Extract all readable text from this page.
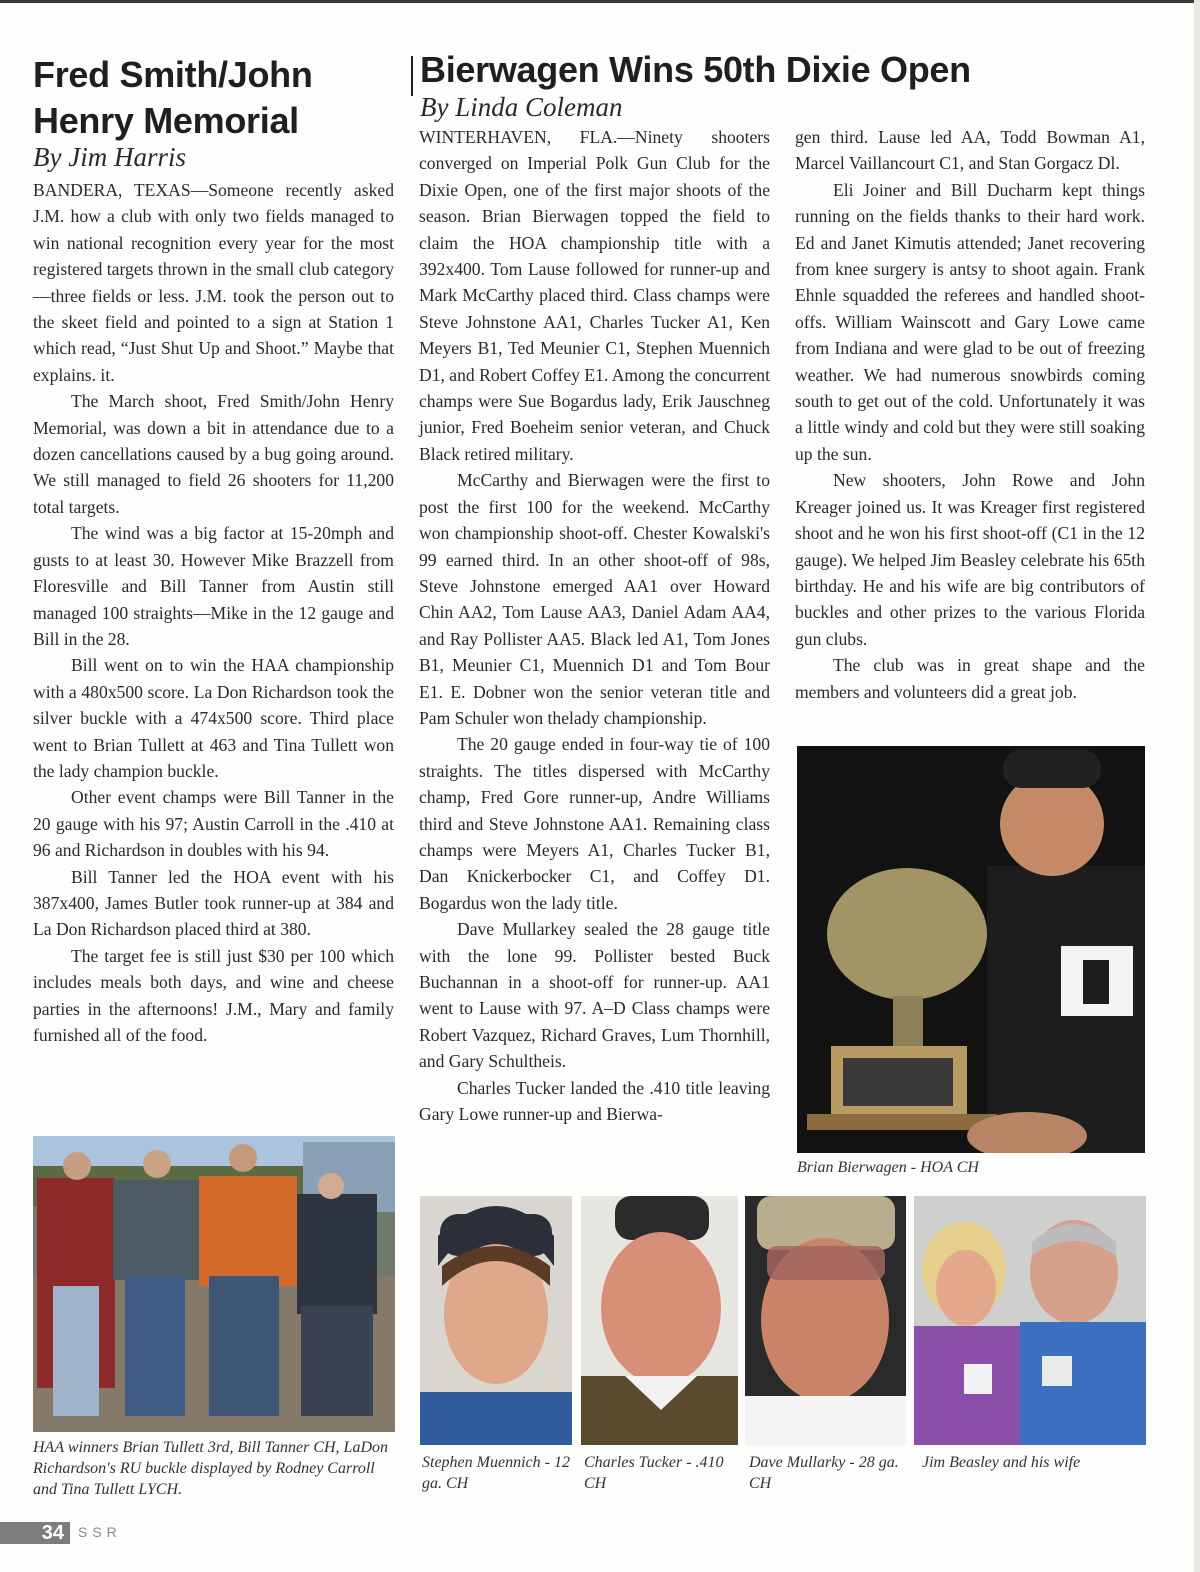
Fred Smith/John Henry Memorial

By Jim Harris

BANDERA, TEXAS—Someone recently asked J.M. how a club with only two fields managed to win national recognition every year for the most registered targets thrown in the small club category—three fields or less. J.M. took the person out to the skeet field and pointed to a sign at Station 1 which read, “Just Shut Up and Shoot.” Maybe that explains. it.

The March shoot, Fred Smith/John Henry Memorial, was down a bit in attendance due to a dozen cancellations caused by a bug going around. We still managed to field 26 shooters for 11,200 total targets.

The wind was a big factor at 15-20mph and gusts to at least 30. However Mike Brazzell from Floresville and Bill Tanner from Austin still managed 100 straights—Mike in the 12 gauge and Bill in the 28.

Bill went on to win the HAA championship with a 480x500 score. La Don Richardson took the silver buckle with a 474x500 score. Third place went to Brian Tullett at 463 and Tina Tullett won the lady champion buckle.

Other event champs were Bill Tanner in the 20 gauge with his 97; Austin Carroll in the .410 at 96 and Richardson in doubles with his 94.

Bill Tanner led the HOA event with his 387x400, James Butler took runner-up at 384 and La Don Richardson placed third at 380.

The target fee is still just $30 per 100 which includes meals both days, and wine and cheese parties in the afternoons! J.M., Mary and family furnished all of the food.

HAA winners Brian Tullett 3rd, Bill Tanner CH, LaDon Richardson's RU buckle displayed by Rodney Carroll and Tina Tullett LYCH.

Bierwagen Wins 50th Dixie Open

By Linda Coleman

WINTERHAVEN, FLA.—Ninety shooters converged on Imperial Polk Gun Club for the Dixie Open, one of the first major shoots of the season. Brian Bierwagen topped the field to claim the HOA championship title with a 392x400. Tom Lause followed for runner-up and Mark McCarthy placed third. Class champs were Steve Johnstone AA1, Charles Tucker A1, Ken Meyers B1, Ted Meunier C1, Stephen Muennich D1, and Robert Coffey E1. Among the concurrent champs were Sue Bogardus lady, Erik Jauschneg junior, Fred Boeheim senior veteran, and Chuck Black retired military.

McCarthy and Bierwagen were the first to post the first 100 for the weekend. McCarthy won championship shoot-off. Chester Kowalski's 99 earned third. In an other shoot-off of 98s, Steve Johnstone emerged AA1 over Howard Chin AA2, Tom Lause AA3, Daniel Adam AA4, and Ray Pollister AA5. Black led A1, Tom Jones B1, Meunier C1, Muennich D1 and Tom Bour E1. E. Dobner won the senior veteran title and Pam Schuler won thelady championship.

The 20 gauge ended in four-way tie of 100 straights. The titles dispersed with McCarthy champ, Fred Gore runner-up, Andre Williams third and Steve Johnstone AA1. Remaining class champs were Meyers A1, Charles Tucker B1, Dan Knickerbocker C1, and Coffey D1. Bogardus won the lady title.

Dave Mullarkey sealed the 28 gauge title with the lone 99. Pollister bested Buck Buchannan in a shoot-off for runner-up. AA1 went to Lause with 97. A–D Class champs were Robert Vazquez, Richard Graves, Lum Thornhill, and Gary Schultheis.

Charles Tucker landed the .410 title leaving Gary Lowe runner-up and Bierwa-

gen third. Lause led AA, Todd Bowman A1, Marcel Vaillancourt C1, and Stan Gorgacz Dl.

Eli Joiner and Bill Ducharm kept things running on the fields thanks to their hard work. Ed and Janet Kimutis attended; Janet recovering from knee surgery is antsy to shoot again. Frank Ehnle squadded the referees and handled shoot-offs. William Wainscott and Gary Lowe came from Indiana and were glad to be out of freezing weather. We had numerous snowbirds coming south to get out of the cold. Unfortunately it was a little windy and cold but they were still soaking up the sun.

New shooters, John Rowe and John Kreager joined us. It was Kreager first registered shoot and he won his first shoot-off (C1 in the 12 gauge). We helped Jim Beasley celebrate his 65th birthday. He and his wife are big contributors of buckles and other prizes to the various Florida gun clubs.

The club was in great shape and the members and volunteers did a great job.

Brian Bierwagen - HOA CH

Stephen Muennich - 12 ga. CH

Charles Tucker - .410 CH

Dave Mullarky - 28 ga. CH

Jim Beasley and his wife

34	SSR
